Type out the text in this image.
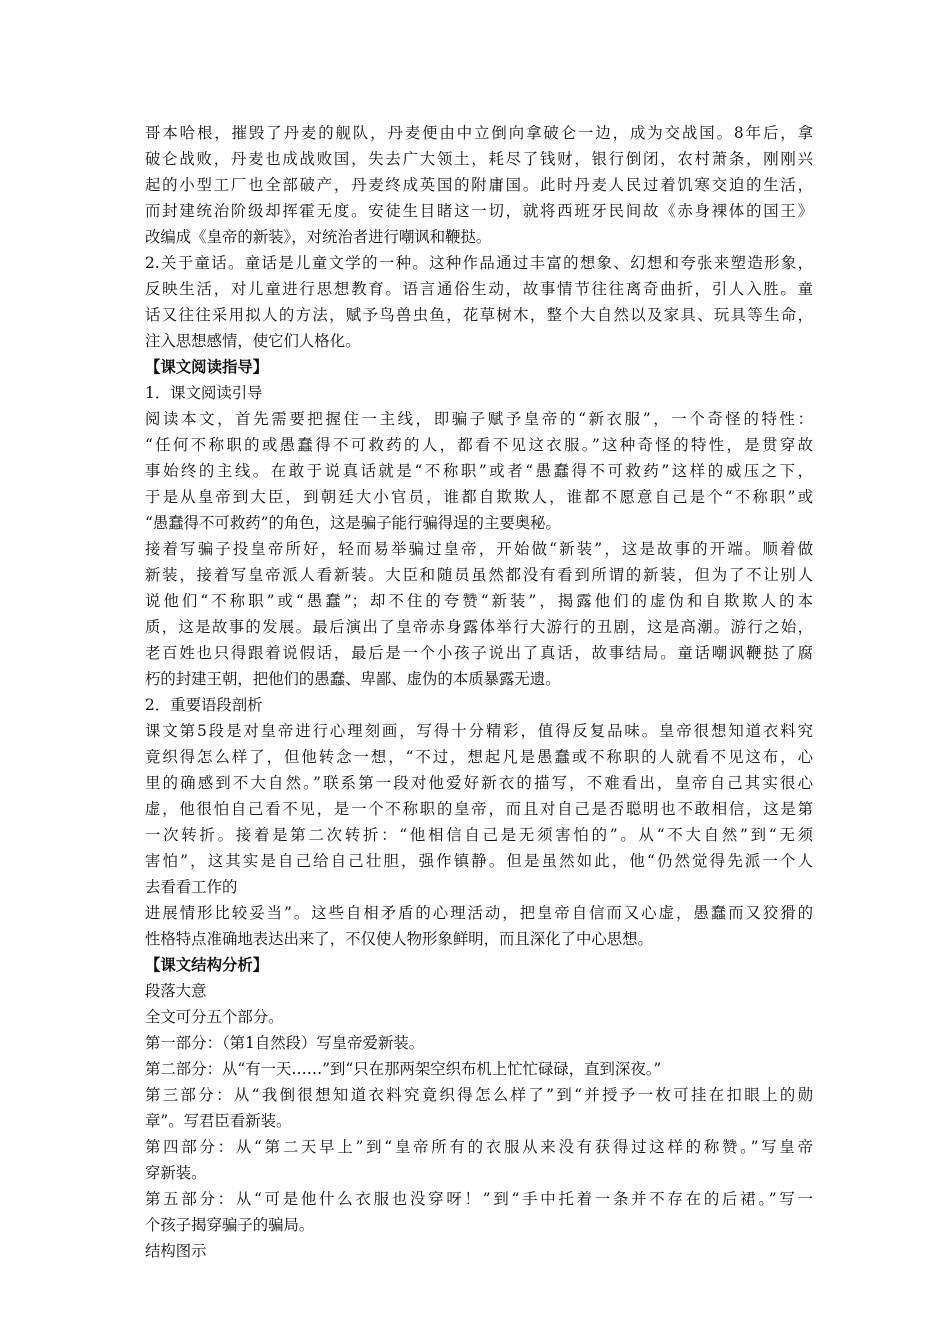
哥本哈根，摧毁了丹麦的舰队，丹麦便由中立倒向拿破仑一边，成为交战国。8年后，拿
破仑战败，丹麦也成战败国，失去广大领土，耗尽了钱财，银行倒闭，农村萧条，刚刚兴
起的小型工厂也全部破产，丹麦终成英国的附庸国。此时丹麦人民过着饥寒交迫的生活，
而封建统治阶级却挥霍无度。安徒生目睹这一切，就将西班牙民间故《赤身裸体的国王》
改编成《皇帝的新装》，对统治者进行嘲讽和鞭挞。
2.关于童话。童话是儿童文学的一种。这种作品通过丰富的想象、幻想和夸张来塑造形象，
反映生活，对儿童进行思想教育。语言通俗生动，故事情节往往离奇曲折，引人入胜。童
话又往往采用拟人的方法，赋予鸟兽虫鱼，花草树木，整个大自然以及家具、玩具等生命，
注入思想感情，使它们人格化。
【课文阅读指导】
1．课文阅读引导
阅读本文，首先需要把握住一主线，即骗子赋予皇帝的“新衣服”，一个奇怪的特性：
“任何不称职的或愚蠢得不可救药的人，都看不见这衣服。”这种奇怪的特性，是贯穿故
事始终的主线。在敢于说真话就是“不称职”或者“愚蠢得不可救药”这样的威压之下，
于是从皇帝到大臣，到朝廷大小官员，谁都自欺欺人，谁都不愿意自己是个“不称职”或
“愚蠢得不可救药”的角色，这是骗子能行骗得逞的主要奥秘。
接着写骗子投皇帝所好，轻而易举骗过皇帝，开始做“新装”，这是故事的开端。顺着做
新装，接着写皇帝派人看新装。大臣和随员虽然都没有看到所谓的新装，但为了不让别人
说他们“不称职”或“愚蠢”；却不住的夸赞“新装”，揭露他们的虚伪和自欺欺人的本
质，这是故事的发展。最后演出了皇帝赤身露体举行大游行的丑剧，这是高潮。游行之始，
老百姓也只得跟着说假话，最后是一个小孩子说出了真话，故事结局。童话嘲讽鞭挞了腐
朽的封建王朝，把他们的愚蠢、卑鄙、虚伪的本质暴露无遗。
2．重要语段剖析
课文第5段是对皇帝进行心理刻画，写得十分精彩，值得反复品味。皇帝很想知道衣料究
竟织得怎么样了，但他转念一想，“不过，想起凡是愚蠢或不称职的人就看不见这布，心
里的确感到不大自然。”联系第一段对他爱好新衣的描写，不难看出，皇帝自己其实很心
虚，他很怕自己看不见，是一个不称职的皇帝，而且对自己是否聪明也不敢相信，这是第
一次转折。接着是第二次转折：“他相信自己是无须害怕的”。从“不大自然”到“无须
害怕”，这其实是自己给自己壮胆，强作镇静。但是虽然如此，他“仍然觉得先派一个人
去看看工作的
进展情形比较妥当”。这些自相矛盾的心理活动，把皇帝自信而又心虚，愚蠢而又狡猾的
性格特点准确地表达出来了，不仅使人物形象鲜明，而且深化了中心思想。
【课文结构分析】
段落大意
全文可分五个部分。
第一部分：（第1自然段）写皇帝爱新装。
第二部分：从“有一天……”到“只在那两架空织布机上忙忙碌碌，直到深夜。”
第三部分：从“我倒很想知道衣料究竟织得怎么样了”到“并授予一枚可挂在扣眼上的勋
章”。写君臣看新装。
第四部分：从“第二天早上”到“皇帝所有的衣服从来没有获得过这样的称赞。”写皇帝
穿新装。
第五部分：从“可是他什么衣服也没穿呀！”到“手中托着一条并不存在的后裙。”写一
个孩子揭穿骗子的骗局。
结构图示
